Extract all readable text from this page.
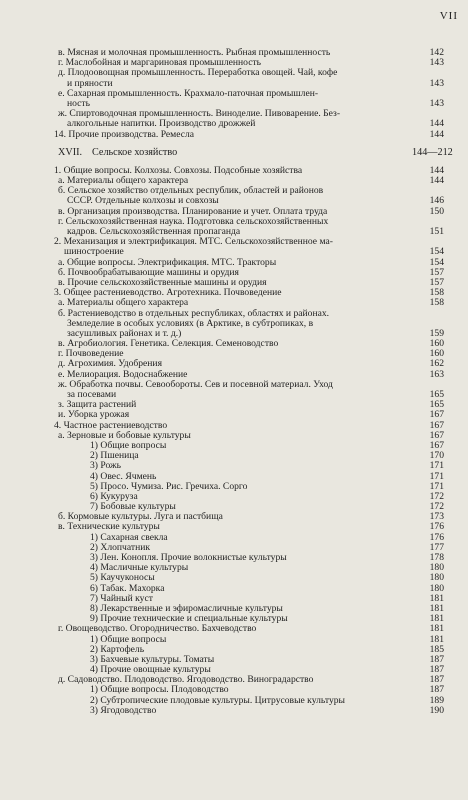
VII
в. Мясная и молочная промышленность. Рыбная промышленность	142
г. Маслобойная и маргариновая промышленность	143
д. Плодоовощная промышленность. Переработка овощей. Чай, кофе
и пряности	143
е. Сахарная промышленность. Крахмало-паточная промышлен-
ность	143
ж. Спиртоводочная промышленность. Виноделие. Пивоварение. Без-
алкогольные напитки. Производство дрожжей	144
14. Прочие производства. Ремесла	144
XVII. Сельское хозяйство	144—212
1. Общие вопросы. Колхозы. Совхозы. Подсобные хозяйства	144
а. Материалы общего характера	144
б. Сельское хозяйство отдельных республик, областей и районов
СССР. Отдельные колхозы и совхозы	146
в. Организация производства. Планирование и учет. Оплата труда	150
г. Сельскохозяйственная наука. Подготовка сельскохозяйственных
кадров. Сельскохозяйственная пропаганда	151
2. Механизация и электрификация. МТС. Сельскохозяйственное ма-
шиностроение	154
а. Общие вопросы. Электрификация. МТС. Тракторы	154
б. Почвообрабатывающие машины и орудия	157
в. Прочие сельскохозяйственные машины и орудия	157
3. Общее растениеводство. Агротехника. Почвоведение	158
а. Материалы общего характера	158
б. Растениеводство в отдельных республиках, областях и районах.
Земледелие в особых условиях (в Арктике, в субтропиках, в
засушливых районах и т. д.)	159
в. Агробиология. Генетика. Селекция. Семеноводство	160
г. Почвоведение	160
д. Агрохимия. Удобрения	162
е. Мелиорация. Водоснабжение	163
ж. Обработка почвы. Севообороты. Сев и посевной материал. Уход
за посевами	165
з. Защита растений	165
и. Уборка урожая	167
4. Частное растениеводство	167
а. Зерновые и бобовые культуры	167
1) Общие вопросы	167
2) Пшеница	170
3) Рожь	171
4) Овес. Ячмень	171
5) Просо. Чумиза. Рис. Гречиха. Сорго	171
6) Кукуруза	172
7) Бобовые культуры	172
б. Кормовые культуры. Луга и пастбища	173
в. Технические культуры	176
1) Сахарная свекла	176
2) Хлопчатник	177
3) Лен. Конопля. Прочие волокнистые культуры	178
4) Масличные культуры	180
5) Каучуконосы	180
6) Табак. Махорка	180
7) Чайный куст	181
8) Лекарственные и эфиромасличные культуры	181
9) Прочие технические и специальные культуры	181
г. Овощеводство. Огородничество. Бахчеводство	181
1) Общие вопросы	181
2) Картофель	185
3) Бахчевые культуры. Томаты	187
4) Прочие овощные культуры	187
д. Садоводство. Плодоводство. Ягодоводство. Виноградарство	187
1) Общие вопросы. Плодоводство	187
2) Субтропические плодовые культуры. Цитрусовые культуры	189
3) Ягодоводство	190
